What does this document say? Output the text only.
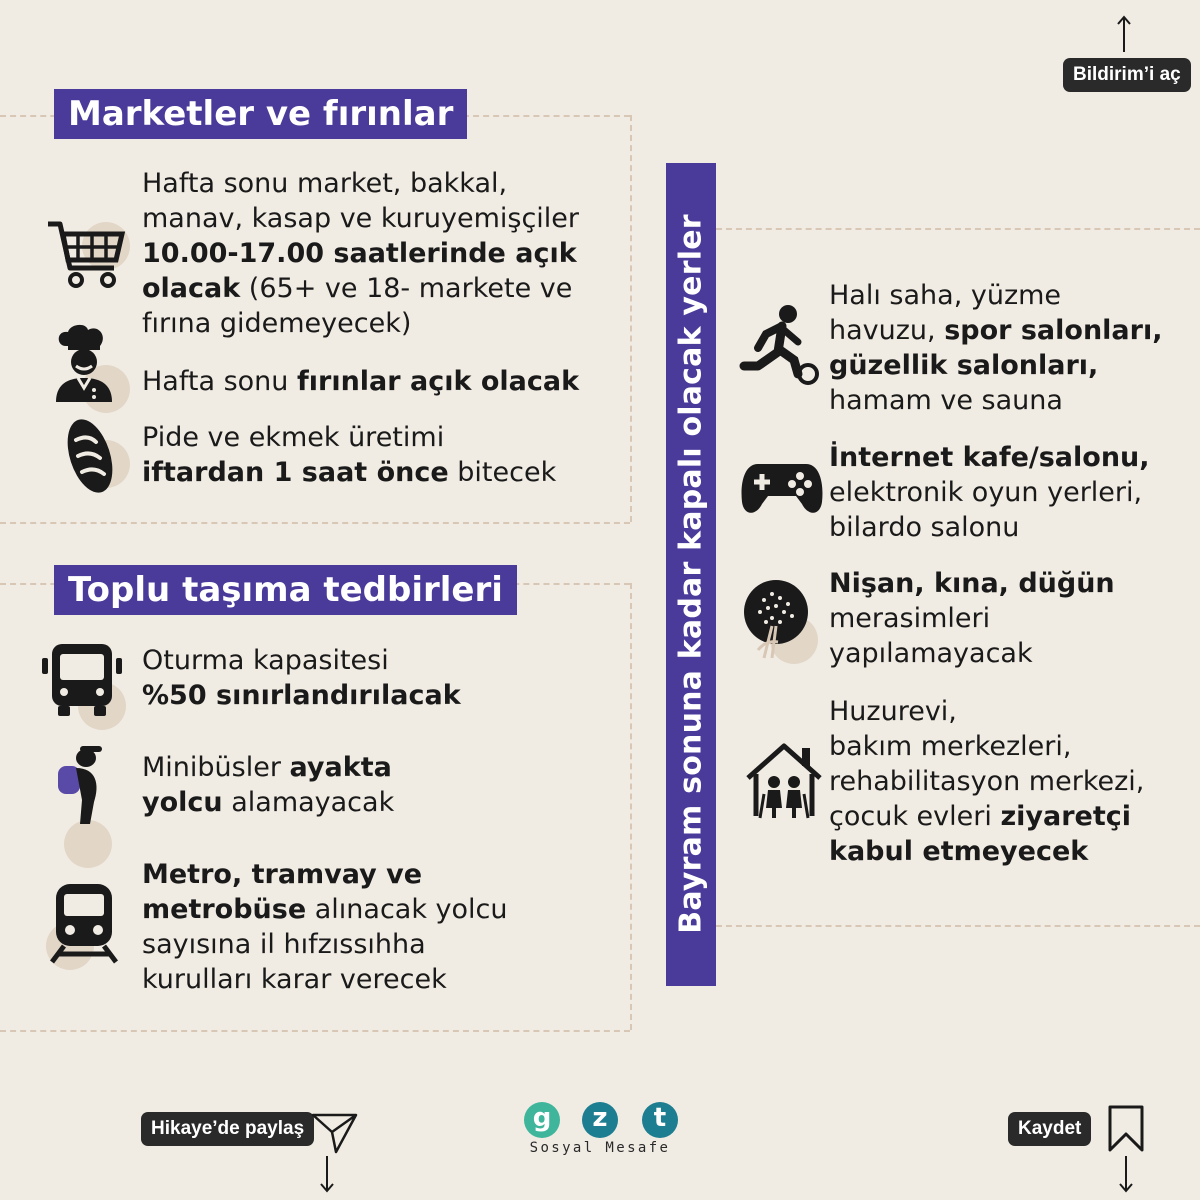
Marketler ve fırınlar
Toplu taşıma tedbirleri	Bayram sonuna kadar kapalı olacak yerler
Hafta sonu market, bakkal,
manav, kasap ve kuruyemişçiler
10.00-17.00 saatlerinde açık
olacak (65+ ve 18- markete ve
fırına gidemeyecek)
Hafta sonu fırınlar açık olacak
Pide ve ekmek üretimi
iftardan 1 saat önce bitecek
Oturma kapasitesi
%50 sınırlandırılacak
Minibüsler ayakta
yolcu alamayacak
Metro, tramvay ve
metrobüse alınacak yolcu
sayısına il hıfzıssıhha
kurulları karar verecek
Halı saha, yüzme
havuzu, spor salonları,
güzellik salonları,
hamam ve sauna
İnternet kafe/salonu,
elektronik oyun yerleri,
bilardo salonu
Nişan, kına, düğün
merasimleri
yapılamayacak
Huzurevi,
bakım merkezleri,
rehabilitasyon merkezi,
çocuk evleri ziyaretçi
kabul etmeyecek
Bildirim’i aç
Hikaye’de paylaş	Kaydet
g	z	t
Sosyal Mesafe
